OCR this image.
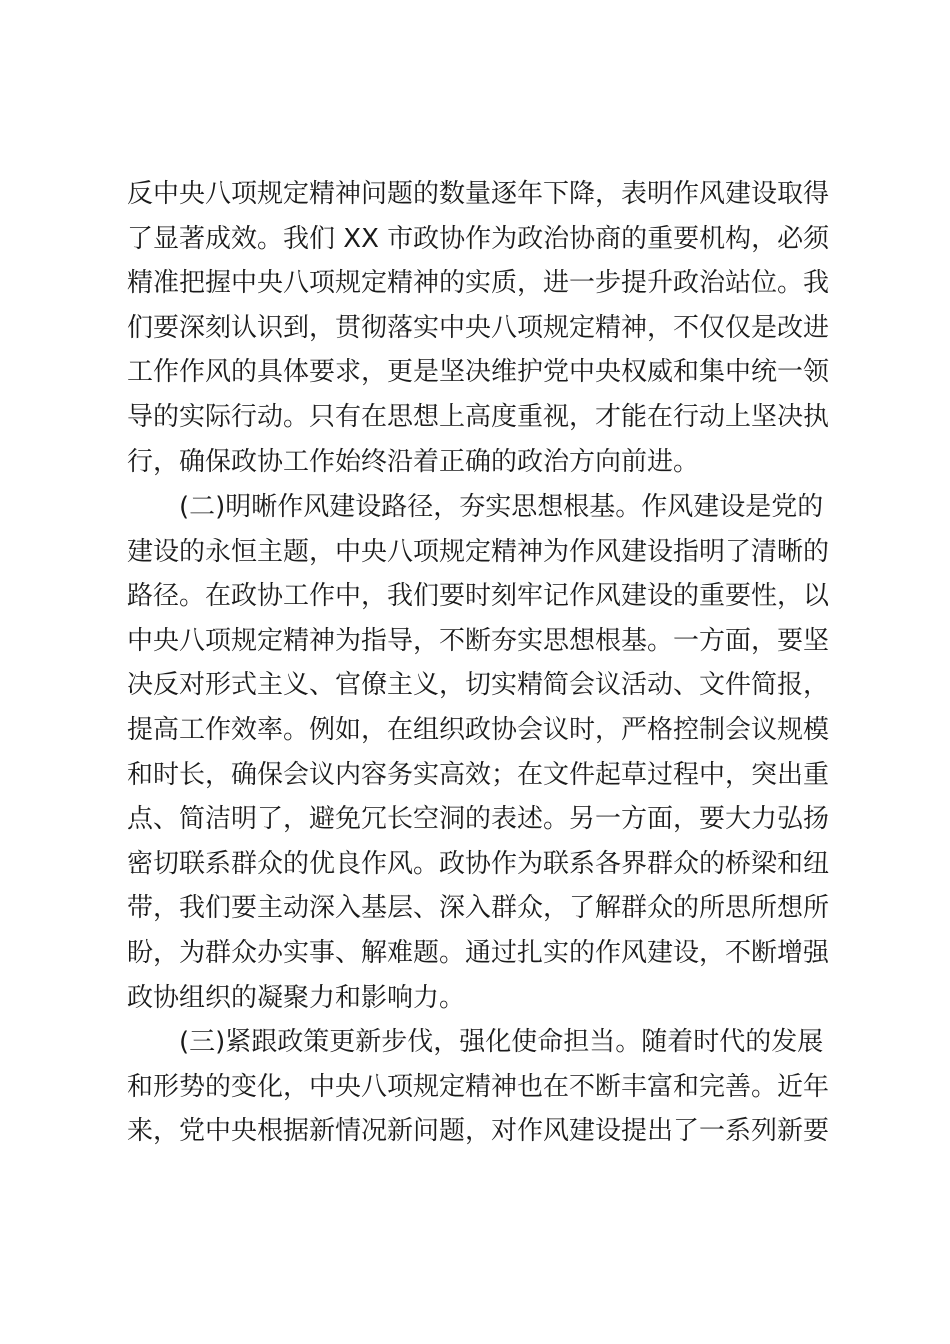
反中央八项规定精神问题的数量逐年下降，表明作风建设取得
了显著成效。我们 XX 市政协作为政治协商的重要机构，必须
精准把握中央八项规定精神的实质，进一步提升政治站位。我
们要深刻认识到，贯彻落实中央八项规定精神，不仅仅是改进
工作作风的具体要求，更是坚决维护党中央权威和集中统一领
导的实际行动。只有在思想上高度重视，才能在行动上坚决执
行，确保政协工作始终沿着正确的政治方向前进。
(二)明晰作风建设路径，夯实思想根基。作风建设是党的
建设的永恒主题，中央八项规定精神为作风建设指明了清晰的
路径。在政协工作中，我们要时刻牢记作风建设的重要性，以
中央八项规定精神为指导，不断夯实思想根基。一方面，要坚
决反对形式主义、官僚主义，切实精简会议活动、文件简报，
提高工作效率。例如，在组织政协会议时，严格控制会议规模
和时长，确保会议内容务实高效；在文件起草过程中，突出重
点、简洁明了，避免冗长空洞的表述。另一方面，要大力弘扬
密切联系群众的优良作风。政协作为联系各界群众的桥梁和纽
带，我们要主动深入基层、深入群众，了解群众的所思所想所
盼，为群众办实事、解难题。通过扎实的作风建设，不断增强
政协组织的凝聚力和影响力。
(三)紧跟政策更新步伐，强化使命担当。随着时代的发展
和形势的变化，中央八项规定精神也在不断丰富和完善。近年
来，党中央根据新情况新问题，对作风建设提出了一系列新要
